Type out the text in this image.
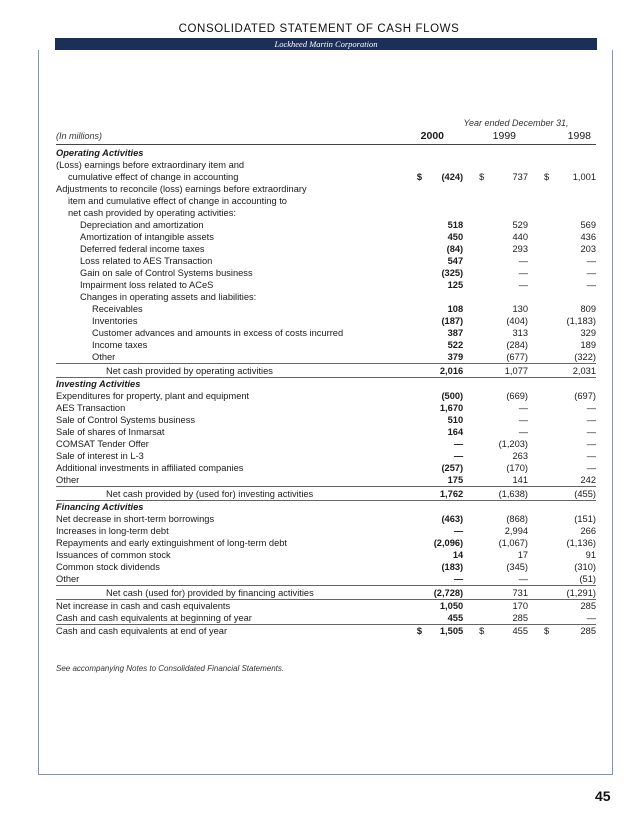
CONSOLIDATED STATEMENT OF CASH FLOWS
Lockheed Martin Corporation
Year ended December 31,
(In millions)	2000	1999	1998
Operating Activities				
(Loss) earnings before extraordinary item and				
cumulative effect of change in accounting	$	(424)	$ 737	$ 1,001
Adjustments to reconcile (loss) earnings before extraordinary				
item and cumulative effect of change in accounting to				
net cash provided by operating activities:				
Depreciation and amortization		518	529	569
Amortization of intangible assets		450	440	436
Deferred federal income taxes		(84)	293	203
Loss related to AES Transaction		547	—	—
Gain on sale of Control Systems business		(325)	—	—
Impairment loss related to ACeS		125	—	—
Changes in operating assets and liabilities:				
Receivables		108	130	809
Inventories		(187)	(404)	(1,183)
Customer advances and amounts in excess of costs incurred		387	313	329
Income taxes		522	(284)	189
Other		379	(677)	(322)
Net cash provided by operating activities		2,016	1,077	2,031
Investing Activities				
Expenditures for property, plant and equipment		(500)	(669)	(697)
AES Transaction		1,670	—	—
Sale of Control Systems business		510	—	—
Sale of shares of Inmarsat		164	—	—
COMSAT Tender Offer		—	(1,203)	—
Sale of interest in L-3		—	263	—
Additional investments in affiliated companies		(257)	(170)	—
Other		175	141	242
Net cash provided by (used for) investing activities		1,762	(1,638)	(455)
Financing Activities				
Net decrease in short-term borrowings		(463)	(868)	(151)
Increases in long-term debt		—	2,994	266
Repayments and early extinguishment of long-term debt		(2,096)	(1,067)	(1,136)
Issuances of common stock		14	17	91
Common stock dividends		(183)	(345)	(310)
Other		—	—	(51)
Net cash (used for) provided by financing activities		(2,728)	731	(1,291)
Net increase in cash and cash equivalents		1,050	170	285
Cash and cash equivalents at beginning of year		455	285	—
Cash and cash equivalents at end of year	$	1,505	$ 455	$ 285
See accompanying Notes to Consolidated Financial Statements.
45
